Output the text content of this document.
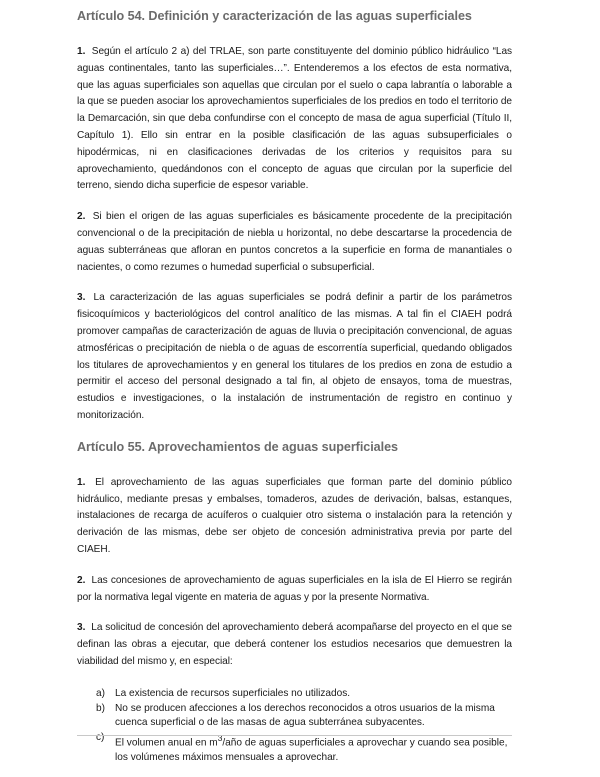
Artículo 54. Definición y caracterización de las aguas superficiales

1. Según el artículo 2 a) del TRLAE, son parte constituyente del dominio público hidráulico “Las aguas continentales, tanto las superficiales…”. Entenderemos a los efectos de esta normativa, que las aguas superficiales son aquellas que circulan por el suelo o capa labrantía o laborable a la que se pueden asociar los aprovechamientos superficiales de los predios en todo el territorio de la Demarcación, sin que deba confundirse con el concepto de masa de agua superficial (Título II, Capítulo 1). Ello sin entrar en la posible clasificación de las aguas subsuperficiales o hipodérmicas, ni en clasificaciones derivadas de los criterios y requisitos para su aprovechamiento, quedándonos con el concepto de aguas que circulan por la superficie del terreno, siendo dicha superficie de espesor variable.

2. Si bien el origen de las aguas superficiales es básicamente procedente de la precipitación convencional o de la precipitación de niebla u horizontal, no debe descartarse la procedencia de aguas subterráneas que afloran en puntos concretos a la superficie en forma de manantiales o nacientes, o como rezumes o humedad superficial o subsuperficial.

3. La caracterización de las aguas superficiales se podrá definir a partir de los parámetros fisicoquímicos y bacteriológicos del control analítico de las mismas. A tal fin el CIAEH podrá promover campañas de caracterización de aguas de lluvia o precipitación convencional, de aguas atmosféricas o precipitación de niebla o de aguas de escorrentía superficial, quedando obligados los titulares de aprovechamientos y en general los titulares de los predios en zona de estudio a permitir el acceso del personal designado a tal fin, al objeto de ensayos, toma de muestras, estudios e investigaciones, o la instalación de instrumentación de registro en continuo y monitorización.

Artículo 55. Aprovechamientos de aguas superficiales

1. El aprovechamiento de las aguas superficiales que forman parte del dominio público hidráulico, mediante presas y embalses, tomaderos, azudes de derivación, balsas, estanques, instalaciones de recarga de acuíferos o cualquier otro sistema o instalación para la retención y derivación de las mismas, debe ser objeto de concesión administrativa previa por parte del CIAEH.

2. Las concesiones de aprovechamiento de aguas superficiales en la isla de El Hierro se regirán por la normativa legal vigente en materia de aguas y por la presente Normativa.

3. La solicitud de concesión del aprovechamiento deberá acompañarse del proyecto en el que se definan las obras a ejecutar, que deberá contener los estudios necesarios que demuestren la viabilidad del mismo y, en especial:

a) La existencia de recursos superficiales no utilizados.
b) No se producen afecciones a los derechos reconocidos a otros usuarios de la misma cuenca superficial o de las masas de agua subterránea subyacentes.
c) El volumen anual en $m^3$/año de aguas superficiales a aprovechar y cuando sea posible, los volúmenes máximos mensuales a aprovechar.
